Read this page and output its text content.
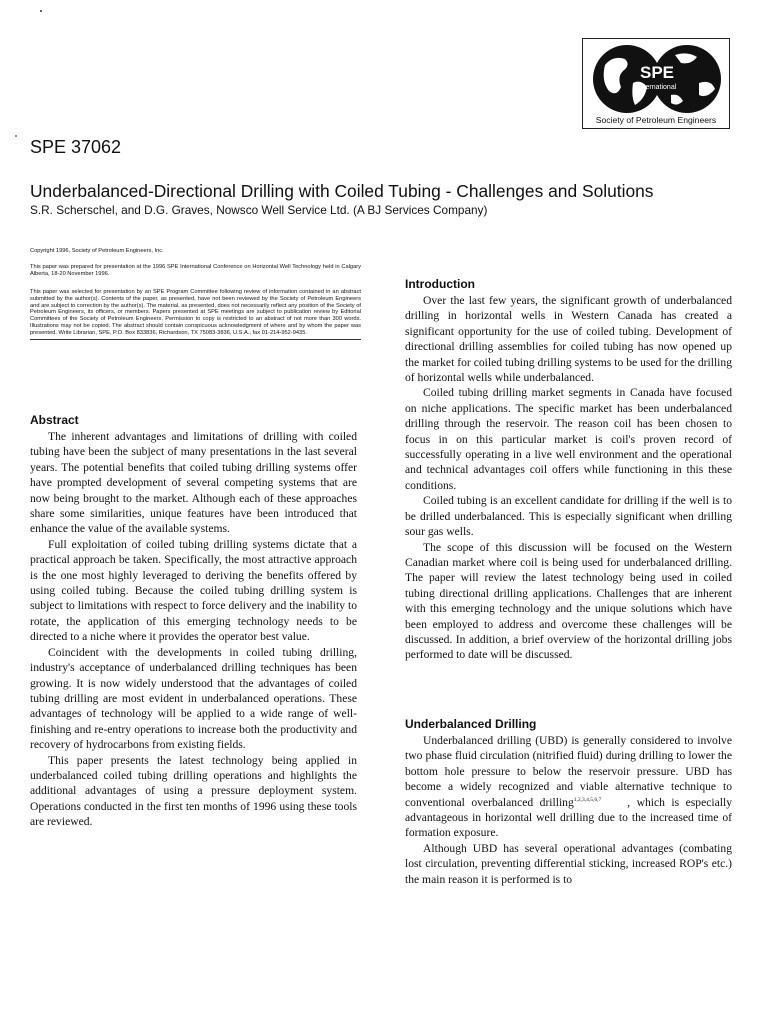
SPE
International
Society of Petroleum Engineers
SPE 37062
Underbalanced-Directional Drilling with Coiled Tubing - Challenges and Solutions
S.R. Scherschel, and D.G. Graves, Nowsco Well Service Ltd. (A BJ Services Company)

Copyright 1996, Society of Petroleum Engineers, Inc.

This paper was prepared for presentation at the 1996 SPE International Conference on Horizontal Well Technology held in Calgary Alberta, 18-20 November 1996.

This paper was selected for presentation by an SPE Program Committee following review of information contained in an abstract submitted by the author(s). Contents of the paper, as presented, have not been reviewed by the Society of Petroleum Engineers and are subject to correction by the author(s). The material, as presented, does not necessarily reflect any position of the Society of Petroleum Engineers, its officers, or members. Papers presented at SPE meetings are subject to publication review by Editorial Committees of the Society of Petroleum Engineers. Permission to copy is restricted to an abstract of not more than 300 words. Illustrations may not be copied. The abstract should contain conspicuous acknowledgment of where and by whom the paper was presented. Write Librarian, SPE, P.O. Box 833836, Richardson, TX 75083-3836, U.S.A., fax 01-214-952-9435.

Abstract

The inherent advantages and limitations of drilling with coiled tubing have been the subject of many presentations in the last several years. The potential benefits that coiled tubing drilling systems offer have prompted development of several competing systems that are now being brought to the market. Although each of these approaches share some similarities, unique features have been introduced that enhance the value of the available systems.

Full exploitation of coiled tubing drilling systems dictate that a practical approach be taken. Specifically, the most attractive approach is the one most highly leveraged to deriving the benefits offered by using coiled tubing. Because the coiled tubing drilling system is subject to limitations with respect to force delivery and the inability to rotate, the application of this emerging technology needs to be directed to a niche where it provides the operator best value.

Coincident with the developments in coiled tubing drilling, industry's acceptance of underbalanced drilling techniques has been growing. It is now widely understood that the advantages of coiled tubing drilling are most evident in underbalanced operations. These advantages of technology will be applied to a wide range of well-finishing and re-entry operations to increase both the productivity and recovery of hydrocarbons from existing fields.

This paper presents the latest technology being applied in underbalanced coiled tubing drilling operations and highlights the additional advantages of using a pressure deployment system. Operations conducted in the first ten months of 1996 using these tools are reviewed.

Introduction

Over the last few years, the significant growth of underbalanced drilling in horizontal wells in Western Canada has created a significant opportunity for the use of coiled tubing. Development of directional drilling assemblies for coiled tubing has now opened up the market for coiled tubing drilling systems to be used for the drilling of horizontal wells while underbalanced.

Coiled tubing drilling market segments in Canada have focused on niche applications. The specific market has been underbalanced drilling through the reservoir. The reason coil has been chosen to focus in on this particular market is coil's proven record of successfully operating in a live well environment and the operational and technical advantages coil offers while functioning in this these conditions.

Coiled tubing is an excellent candidate for drilling if the well is to be drilled underbalanced. This is especially significant when drilling sour gas wells.

The scope of this discussion will be focused on the Western Canadian market where coil is being used for underbalanced drilling. The paper will review the latest technology being used in coiled tubing directional drilling applications. Challenges that are inherent with this emerging technology and the unique solutions which have been employed to address and overcome these challenges will be discussed. In addition, a brief overview of the horizontal drilling jobs performed to date will be discussed.

Underbalanced Drilling

Underbalanced drilling (UBD) is generally considered to involve two phase fluid circulation (nitrified fluid) during drilling to lower the bottom hole pressure to below the reservoir pressure. UBD has become a widely recognized and viable alternative technique to conventional overbalanced drilling$^{1,2,3,4,5,6,7}$ , which is especially advantageous in horizontal well drilling due to the increased time of formation exposure.

Although UBD has several operational advantages (combating lost circulation, preventing differential sticking, increased ROP's etc.) the main reason it is performed is to
